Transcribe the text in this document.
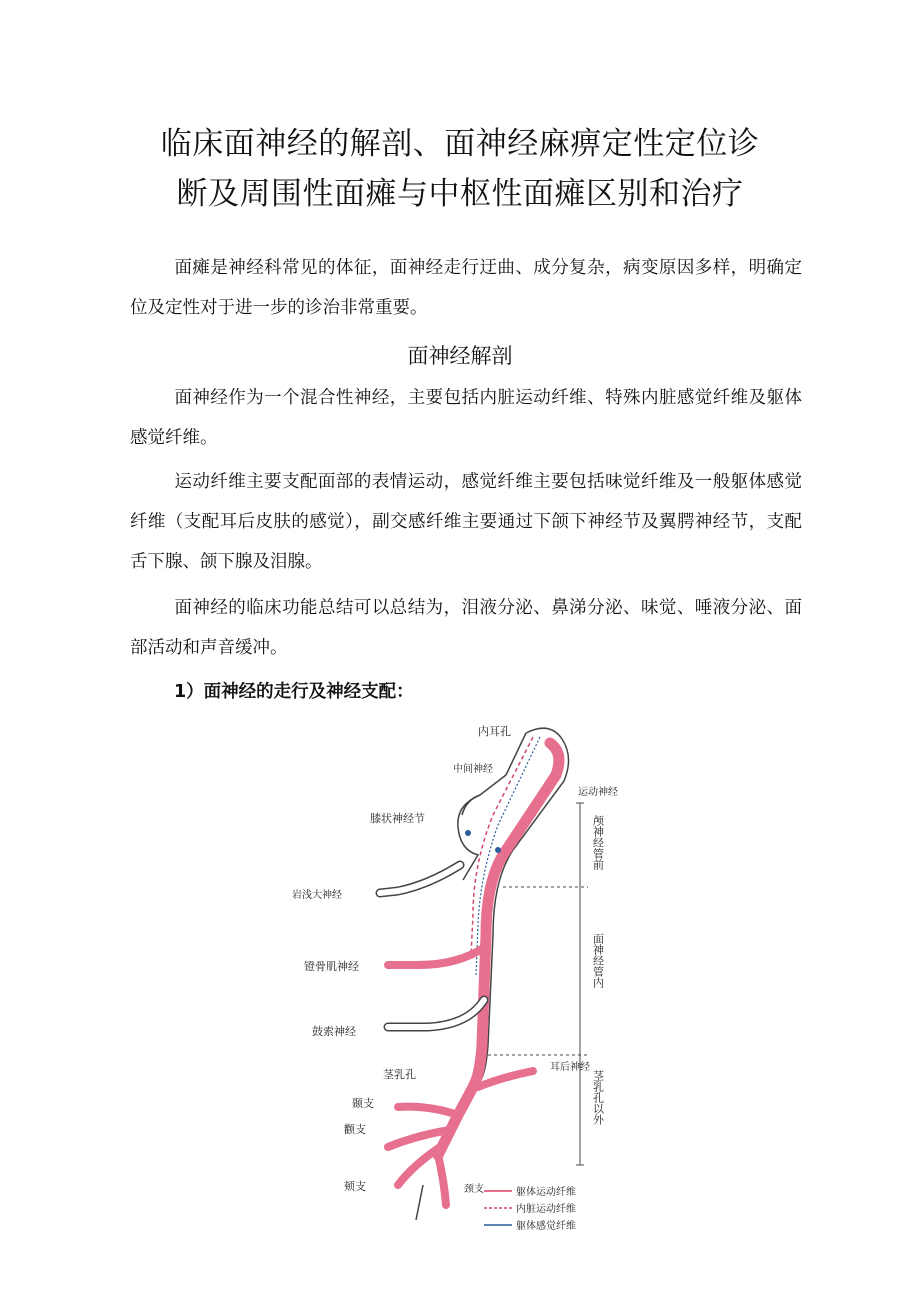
临床面神经的解剖、面神经麻痹定性定位诊
断及周围性面瘫与中枢性面瘫区别和治疗
面瘫是神经科常见的体征，面神经走行迂曲、成分复杂，病变原因多样，明确定位及定性对于进一步的诊治非常重要。
面神经解剖
面神经作为一个混合性神经，主要包括内脏运动纤维、特殊内脏感觉纤维及躯体感觉纤维。
运动纤维主要支配面部的表情运动，感觉纤维主要包括味觉纤维及一般躯体感觉纤维（支配耳后皮肤的感觉），副交感纤维主要通过下颌下神经节及翼腭神经节，支配舌下腺、颌下腺及泪腺。
面神经的临床功能总结可以总结为，泪液分泌、鼻涕分泌、味觉、唾液分泌、面部活动和声音缓冲。
1）面神经的走行及神经支配：
内耳孔
中间神经
膝状神经节
岩浅大神经
镫骨肌神经
鼓索神经
茎乳孔
颞支
颧支
颊支
运动神经
耳后神经
颈支
颅神经管前
面神经管内
茎乳孔以外
躯体运动纤维
内脏运动纤维
躯体感觉纤维
